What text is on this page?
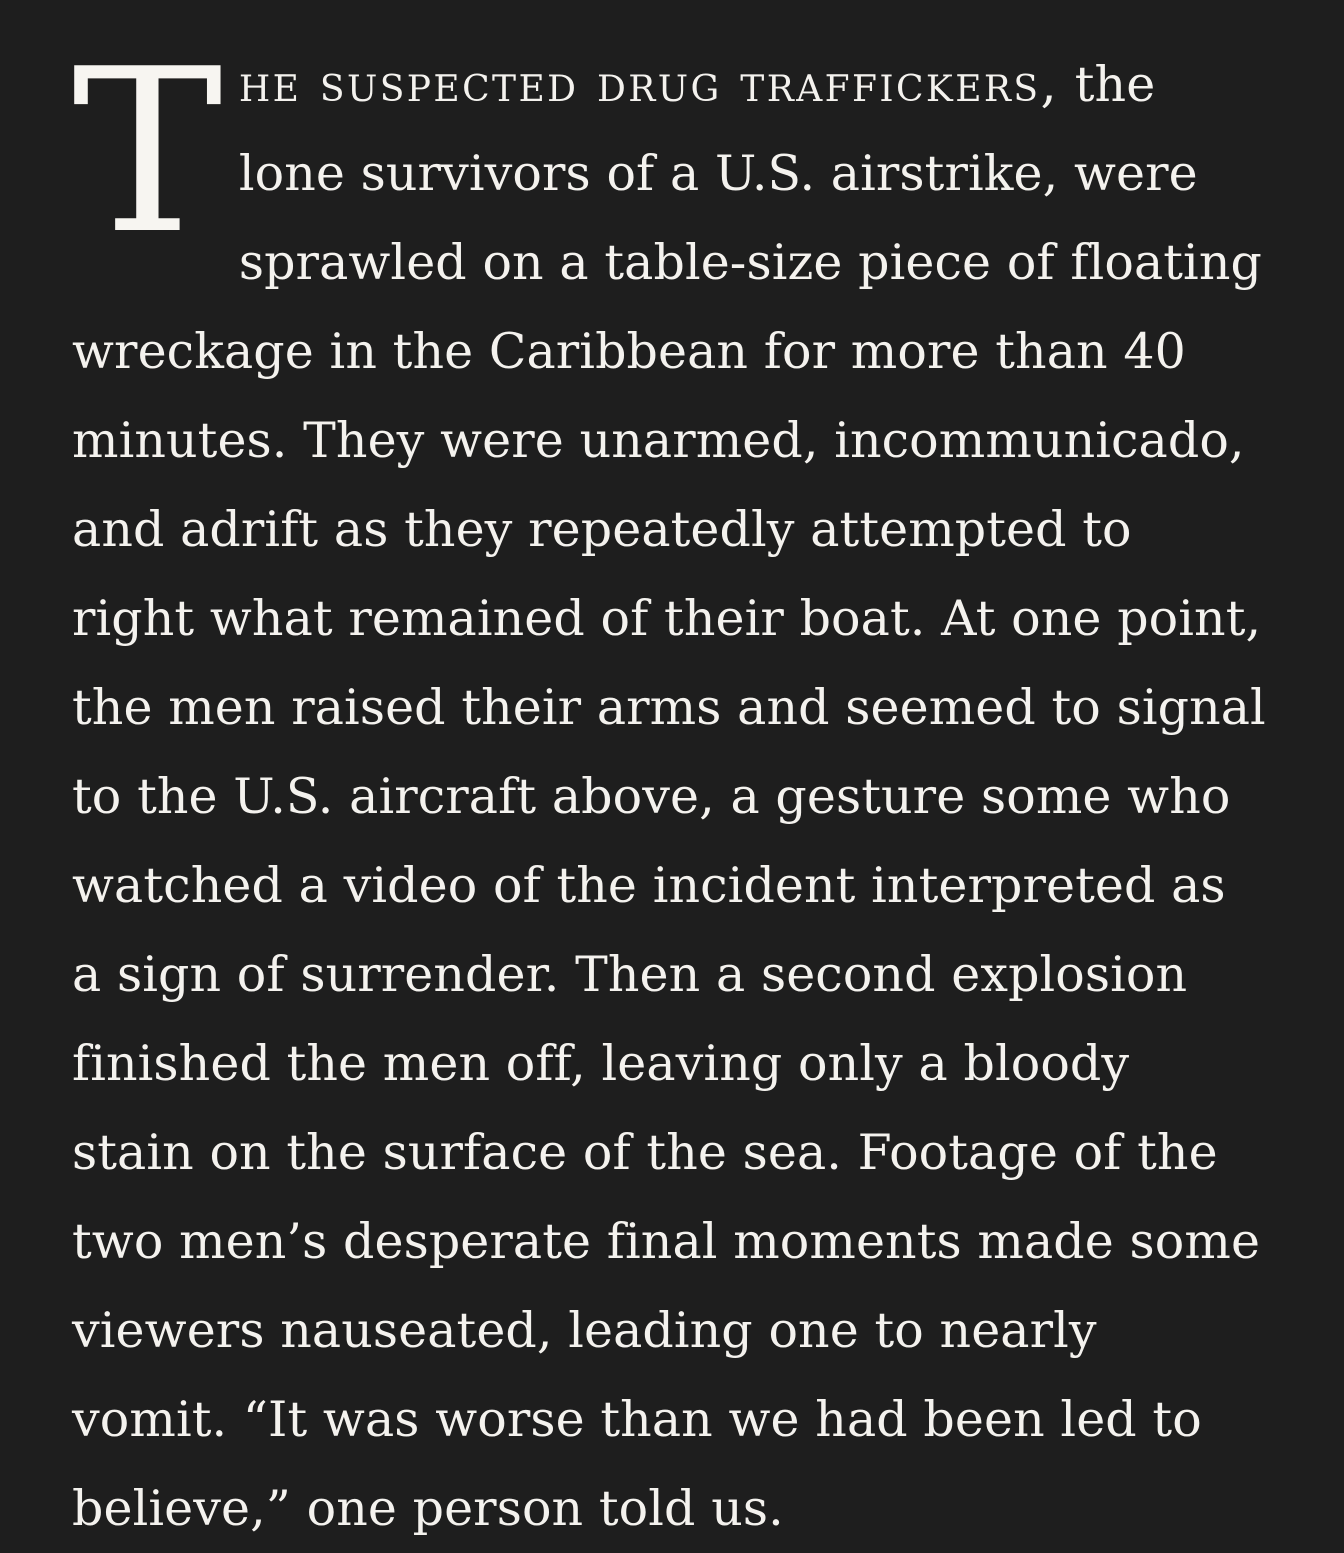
The suspected drug traffickers, the lone survivors of a U.S. airstrike, were sprawled on a table-size piece of floating wreckage in the Caribbean for more than 40 minutes. They were unarmed, incommunicado, and adrift as they repeatedly attempted to right what remained of their boat. At one point, the men raised their arms and seemed to signal to the U.S. aircraft above, a gesture some who watched a video of the incident interpreted as a sign of surrender. Then a second explosion finished the men off, leaving only a bloody stain on the surface of the sea. Footage of the two men’s desperate final moments made some viewers nauseated, leading one to nearly vomit. “It was worse than we had been led to believe,” one person told us.
